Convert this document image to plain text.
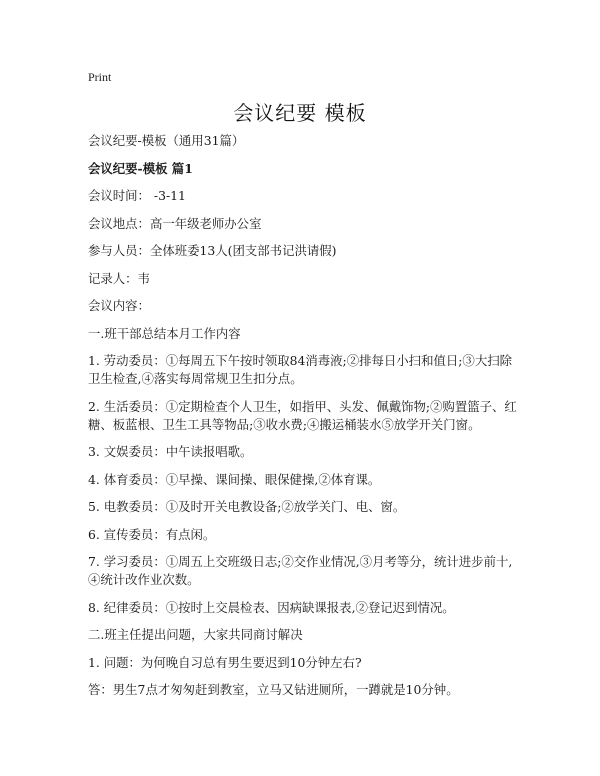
Print
会议纪要 模板

会议纪要-模板（通用31篇）

会议纪要-模板 篇1

会议时间： -3-11

会议地点：高一年级老师办公室

参与人员：全体班委13人(团支部书记洪请假)

记录人：韦

会议内容：

一.班干部总结本月工作内容

1. 劳动委员：①每周五下午按时领取84消毒液;②排每日小扫和值日;③大扫除卫生检查,④落实每周常规卫生扣分点。

2. 生活委员：①定期检查个人卫生，如指甲、头发、佩戴饰物;②购置篮子、红糖、板蓝根、卫生工具等物品;③收水费;④搬运桶装水⑤放学开关门窗。

3. 文娱委员：中午读报唱歌。

4. 体育委员：①早操、课间操、眼保健操,②体育课。

5. 电教委员：①及时开关电教设备;②放学关门、电、窗。

6. 宣传委员：有点闲。

7. 学习委员：①周五上交班级日志;②交作业情况,③月考等分，统计进步前十,④统计改作业次数。

8. 纪律委员：①按时上交晨检表、因病缺课报表,②登记迟到情况。

二.班主任提出问题，大家共同商讨解决

1. 问题：为何晚自习总有男生要迟到10分钟左右?

答：男生7点才匆匆赶到教室，立马又钻进厕所，一蹲就是10分钟。
